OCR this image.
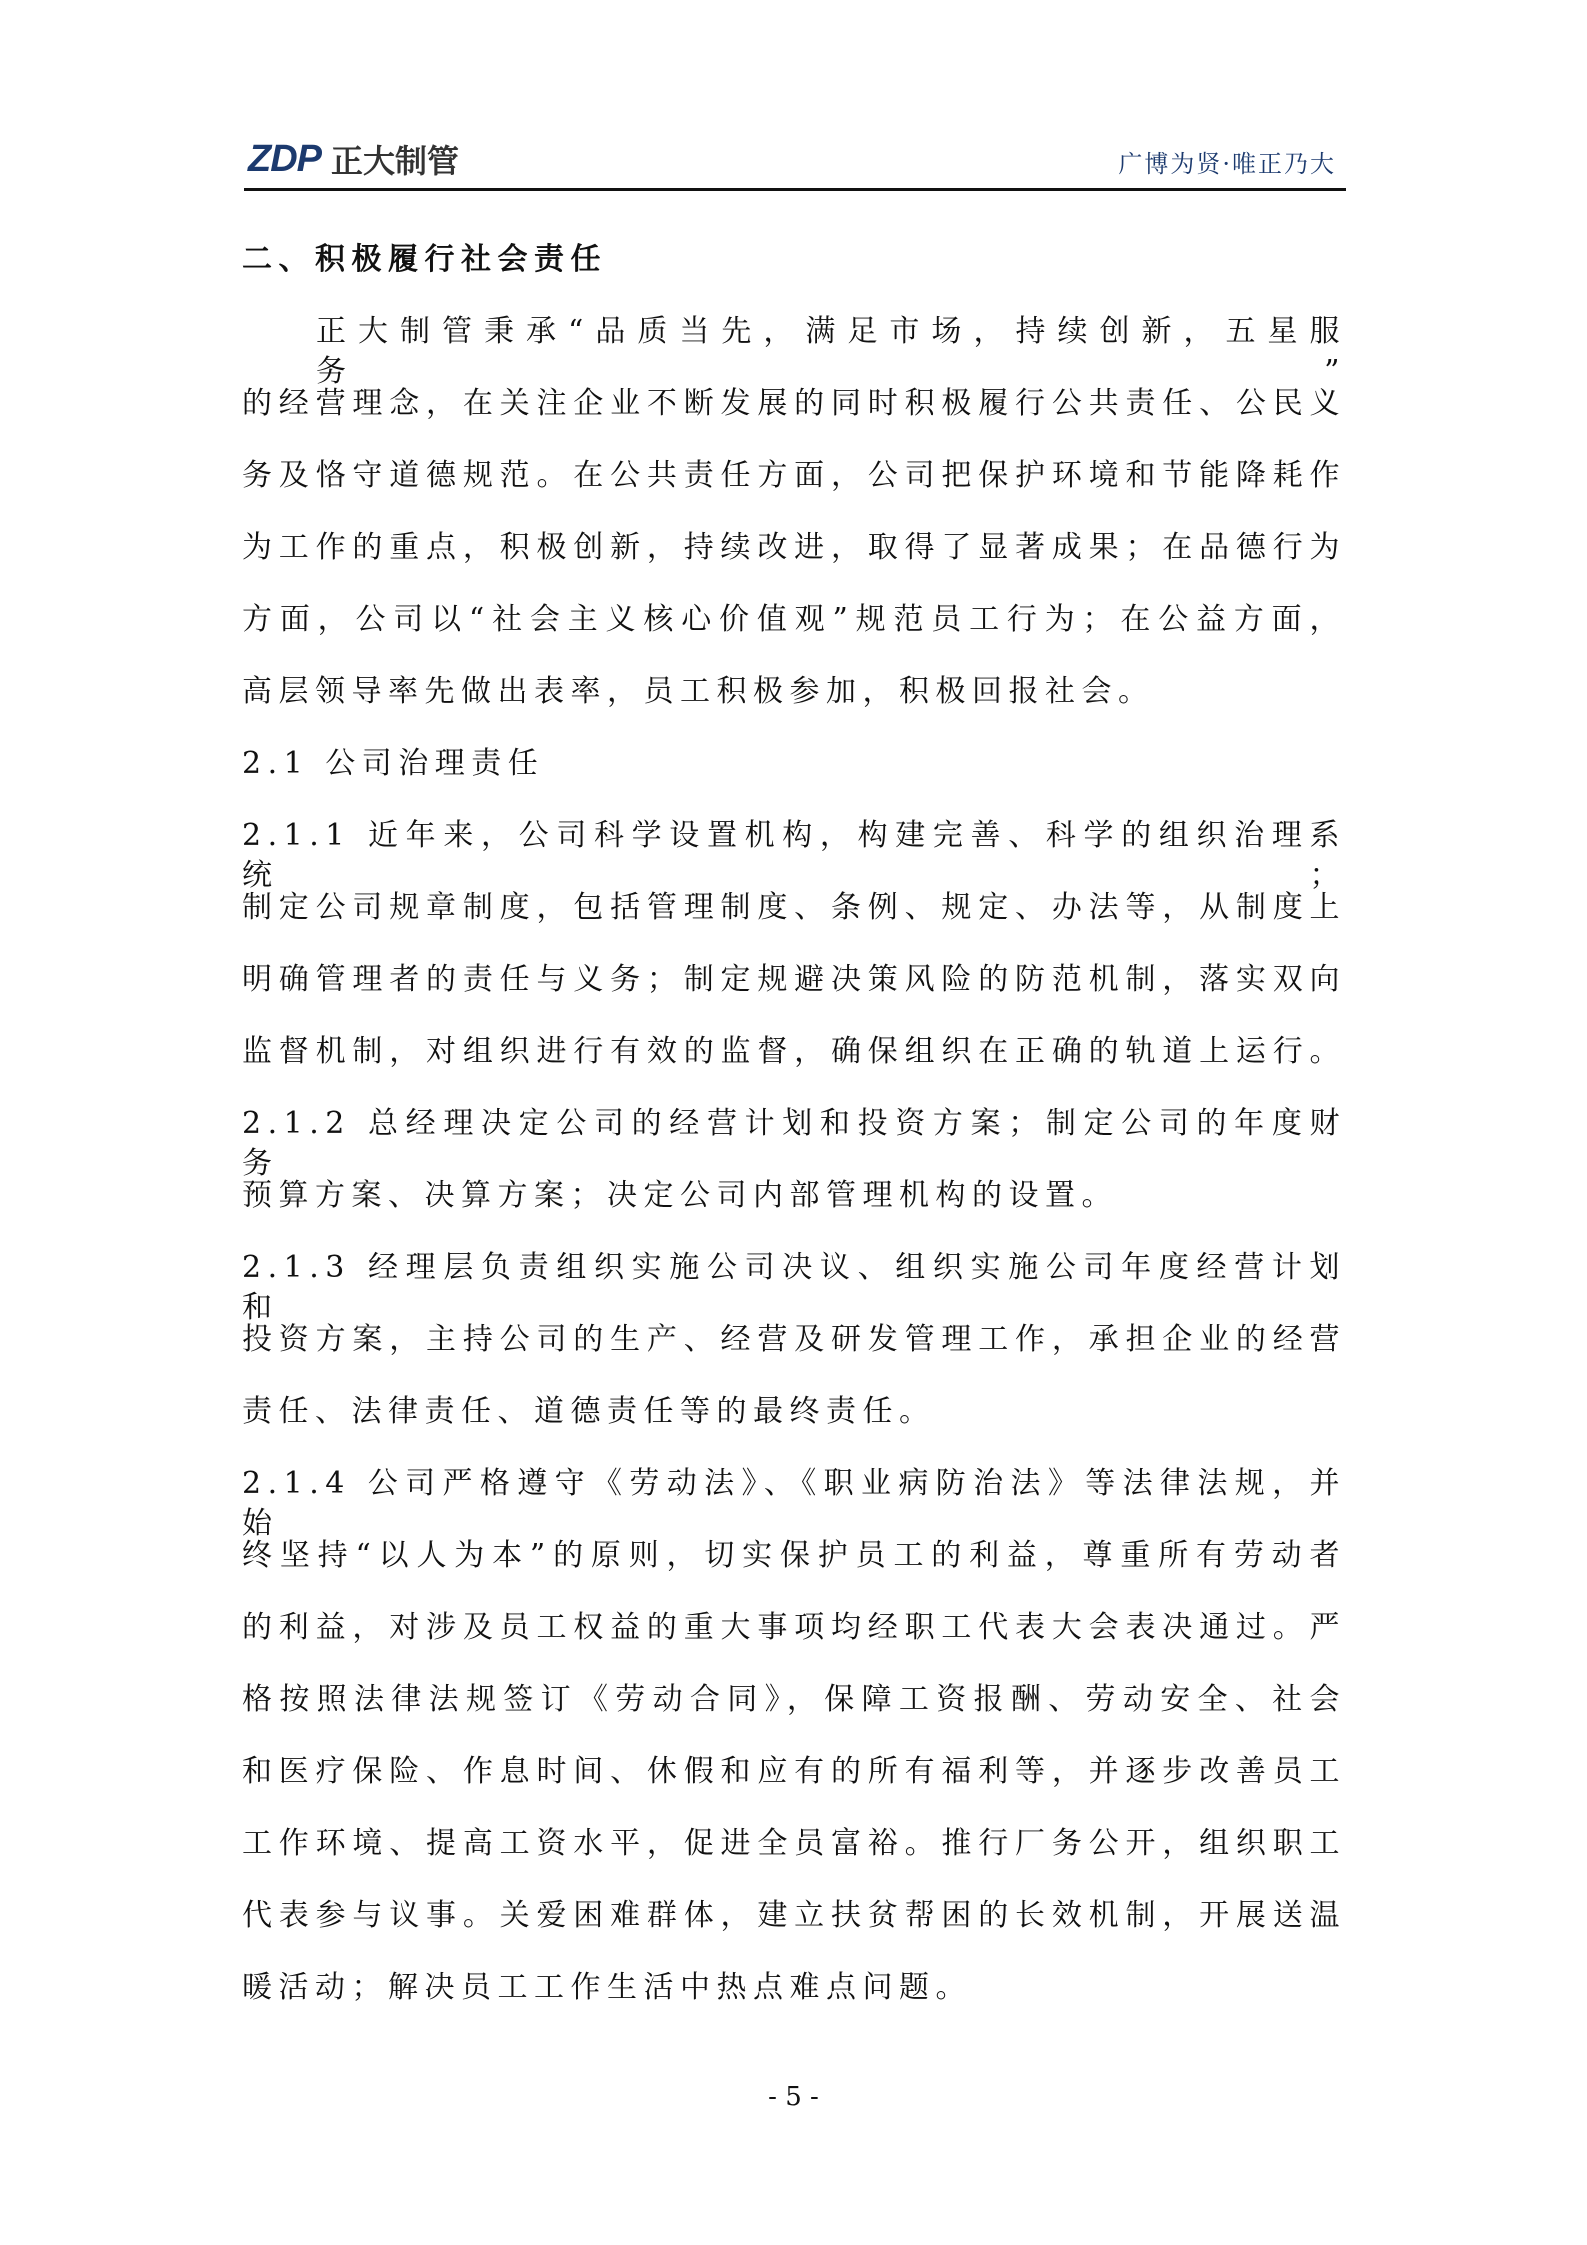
ZDP 正大制管	广博为贤·唯正乃大
二、积极履行社会责任
正大制管秉承“品质当先，满足市场，持续创新，五星服务　　　”
的经营理念，在关注企业不断发展的同时积极履行公共责任、公民义
务及恪守道德规范。在公共责任方面，公司把保护环境和节能降耗作
为工作的重点，积极创新，持续改进，取得了显著成果；在品德行为
方面，公司以“社会主义核心价值观”规范员工行为；在公益方面，
高层领导率先做出表率，员工积极参加，积极回报社会。
2.1 公司治理责任
2.1.1 近年来，公司科学设置机构，构建完善、科学的组织治理系统；
制定公司规章制度，包括管理制度、条例、规定、办法等，从制度上
明确管理者的责任与义务；制定规避决策风险的防范机制，落实双向
监督机制，对组织进行有效的监督，确保组织在正确的轨道上运行。
2.1.2 总经理决定公司的经营计划和投资方案；制定公司的年度财务
预算方案、决算方案；决定公司内部管理机构的设置。
2.1.3 经理层负责组织实施公司决议、组织实施公司年度经营计划和
投资方案，主持公司的生产、经营及研发管理工作，承担企业的经营
责任、法律责任、道德责任等的最终责任。
2.1.4 公司严格遵守《劳动法》、《职业病防治法》等法律法规，并始
终坚持“以人为本”的原则，切实保护员工的利益，尊重所有劳动者
的利益，对涉及员工权益的重大事项均经职工代表大会表决通过。严
格按照法律法规签订《劳动合同》，保障工资报酬、劳动安全、社会
和医疗保险、作息时间、休假和应有的所有福利等，并逐步改善员工
工作环境、提高工资水平，促进全员富裕。推行厂务公开，组织职工
代表参与议事。关爱困难群体，建立扶贫帮困的长效机制，开展送温
暖活动；解决员工工作生活中热点难点问题。
- 5 -
